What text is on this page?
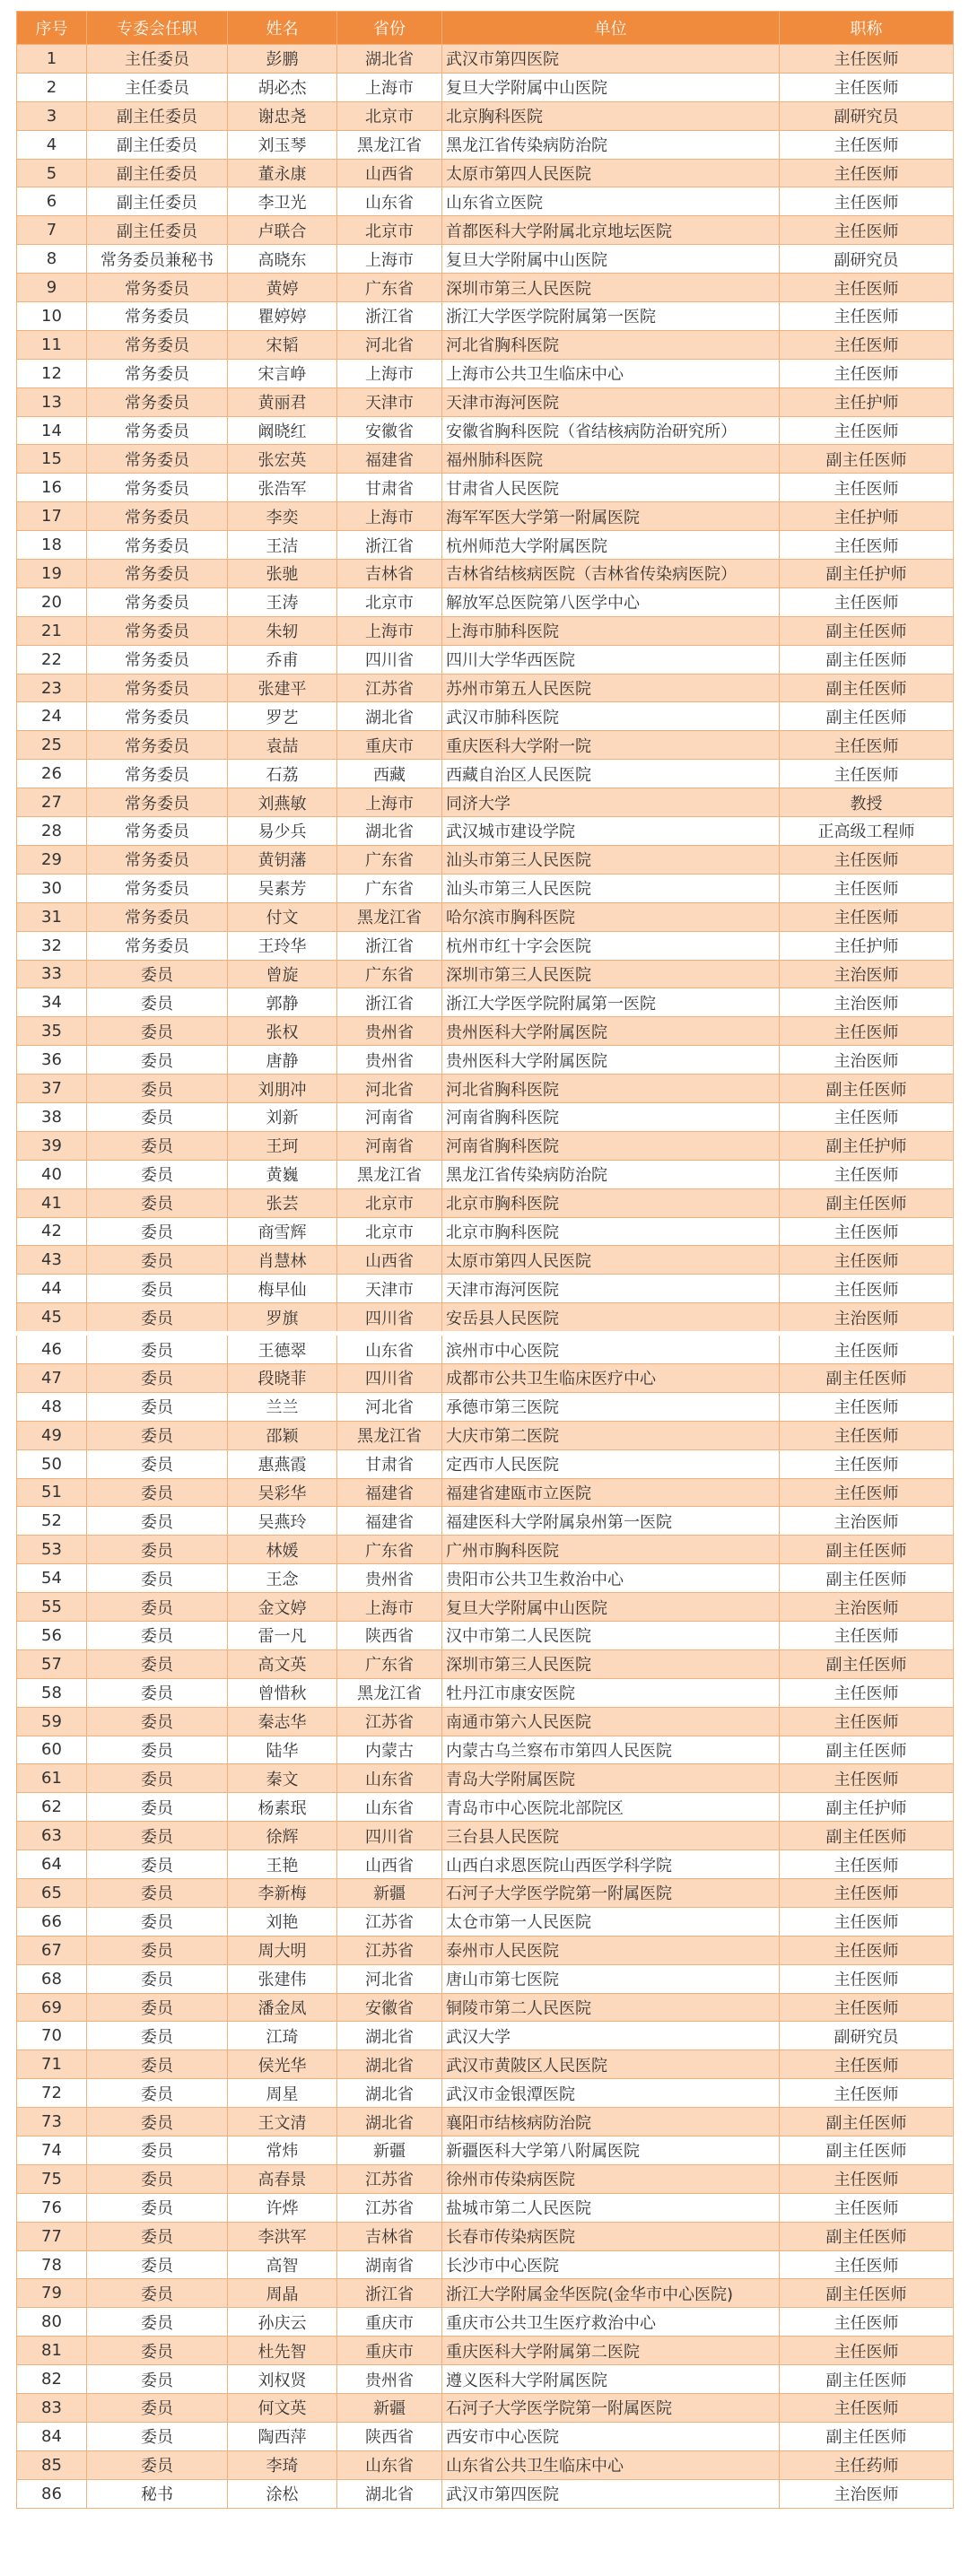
序号	专委会任职	姓名	省份	单位	职称
1	主任委员	彭鹏	湖北省	武汉市第四医院	主任医师
2	主任委员	胡必杰	上海市	复旦大学附属中山医院	主任医师
3	副主任委员	谢忠尧	北京市	北京胸科医院	副研究员
4	副主任委员	刘玉琴	黑龙江省	黑龙江省传染病防治院	主任医师
5	副主任委员	董永康	山西省	太原市第四人民医院	主任医师
6	副主任委员	李卫光	山东省	山东省立医院	主任医师
7	副主任委员	卢联合	北京市	首都医科大学附属北京地坛医院	主任医师
8	常务委员兼秘书	高晓东	上海市	复旦大学附属中山医院	副研究员
9	常务委员	黄婷	广东省	深圳市第三人民医院	主任医师
10	常务委员	瞿婷婷	浙江省	浙江大学医学院附属第一医院	主任医师
11	常务委员	宋韬	河北省	河北省胸科医院	主任医师
12	常务委员	宋言峥	上海市	上海市公共卫生临床中心	主任医师
13	常务委员	黄丽君	天津市	天津市海河医院	主任护师
14	常务委员	阚晓红	安徽省	安徽省胸科医院（省结核病防治研究所）	主任医师
15	常务委员	张宏英	福建省	福州肺科医院	副主任医师
16	常务委员	张浩军	甘肃省	甘肃省人民医院	主任医师
17	常务委员	李奕	上海市	海军军医大学第一附属医院	主任护师
18	常务委员	王洁	浙江省	杭州师范大学附属医院	主任医师
19	常务委员	张驰	吉林省	吉林省结核病医院（吉林省传染病医院）	副主任护师
20	常务委员	王涛	北京市	解放军总医院第八医学中心	主任医师
21	常务委员	朱轫	上海市	上海市肺科医院	副主任医师
22	常务委员	乔甫	四川省	四川大学华西医院	副主任医师
23	常务委员	张建平	江苏省	苏州市第五人民医院	副主任医师
24	常务委员	罗艺	湖北省	武汉市肺科医院	副主任医师
25	常务委员	袁喆	重庆市	重庆医科大学附一院	主任医师
26	常务委员	石荔	西藏	西藏自治区人民医院	主任医师
27	常务委员	刘燕敏	上海市	同济大学	教授
28	常务委员	易少兵	湖北省	武汉城市建设学院	正高级工程师
29	常务委员	黄钥藩	广东省	汕头市第三人民医院	主任医师
30	常务委员	吴素芳	广东省	汕头市第三人民医院	主任医师
31	常务委员	付文	黑龙江省	哈尔滨市胸科医院	主任医师
32	常务委员	王玲华	浙江省	杭州市红十字会医院	主任护师
33	委员	曾旋	广东省	深圳市第三人民医院	主治医师
34	委员	郭静	浙江省	浙江大学医学院附属第一医院	主治医师
35	委员	张权	贵州省	贵州医科大学附属医院	主任医师
36	委员	唐静	贵州省	贵州医科大学附属医院	主治医师
37	委员	刘朋冲	河北省	河北省胸科医院	副主任医师
38	委员	刘新	河南省	河南省胸科医院	主任医师
39	委员	王珂	河南省	河南省胸科医院	副主任护师
40	委员	黄巍	黑龙江省	黑龙江省传染病防治院	主任医师
41	委员	张芸	北京市	北京市胸科医院	副主任医师
42	委员	商雪辉	北京市	北京市胸科医院	主任医师
43	委员	肖慧林	山西省	太原市第四人民医院	主任医师
44	委员	梅早仙	天津市	天津市海河医院	主任医师
45	委员	罗旗	四川省	安岳县人民医院	主治医师
46	委员	王德翠	山东省	滨州市中心医院	主任医师
47	委员	段晓菲	四川省	成都市公共卫生临床医疗中心	副主任医师
48	委员	兰兰	河北省	承德市第三医院	主任医师
49	委员	邵颖	黑龙江省	大庆市第二医院	主任医师
50	委员	惠燕霞	甘肃省	定西市人民医院	主任医师
51	委员	吴彩华	福建省	福建省建瓯市立医院	主任医师
52	委员	吴燕玲	福建省	福建医科大学附属泉州第一医院	主治医师
53	委员	林媛	广东省	广州市胸科医院	副主任医师
54	委员	王念	贵州省	贵阳市公共卫生救治中心	副主任医师
55	委员	金文婷	上海市	复旦大学附属中山医院	主治医师
56	委员	雷一凡	陕西省	汉中市第二人民医院	主任医师
57	委员	高文英	广东省	深圳市第三人民医院	副主任医师
58	委员	曾惜秋	黑龙江省	牡丹江市康安医院	主任医师
59	委员	秦志华	江苏省	南通市第六人民医院	主任医师
60	委员	陆华	内蒙古	内蒙古乌兰察布市第四人民医院	副主任医师
61	委员	秦文	山东省	青岛大学附属医院	主任医师
62	委员	杨素珉	山东省	青岛市中心医院北部院区	副主任护师
63	委员	徐辉	四川省	三台县人民医院	副主任医师
64	委员	王艳	山西省	山西白求恩医院山西医学科学院	主任医师
65	委员	李新梅	新疆	石河子大学医学院第一附属医院	主任医师
66	委员	刘艳	江苏省	太仓市第一人民医院	主任医师
67	委员	周大明	江苏省	泰州市人民医院	主任医师
68	委员	张建伟	河北省	唐山市第七医院	主任医师
69	委员	潘金凤	安徽省	铜陵市第二人民医院	主任医师
70	委员	江琦	湖北省	武汉大学	副研究员
71	委员	侯光华	湖北省	武汉市黄陂区人民医院	主任医师
72	委员	周星	湖北省	武汉市金银潭医院	主任医师
73	委员	王文清	湖北省	襄阳市结核病防治院	副主任医师
74	委员	常炜	新疆	新疆医科大学第八附属医院	副主任医师
75	委员	高春景	江苏省	徐州市传染病医院	主任医师
76	委员	许烨	江苏省	盐城市第二人民医院	主任医师
77	委员	李洪军	吉林省	长春市传染病医院	副主任医师
78	委员	高智	湖南省	长沙市中心医院	主任医师
79	委员	周晶	浙江省	浙江大学附属金华医院(金华市中心医院)	副主任医师
80	委员	孙庆云	重庆市	重庆市公共卫生医疗救治中心	主任医师
81	委员	杜先智	重庆市	重庆医科大学附属第二医院	主任医师
82	委员	刘权贤	贵州省	遵义医科大学附属医院	副主任医师
83	委员	何文英	新疆	石河子大学医学院第一附属医院	主任医师
84	委员	陶西萍	陕西省	西安市中心医院	副主任医师
85	委员	李琦	山东省	山东省公共卫生临床中心	主任药师
86	秘书	涂松	湖北省	武汉市第四医院	主治医师
